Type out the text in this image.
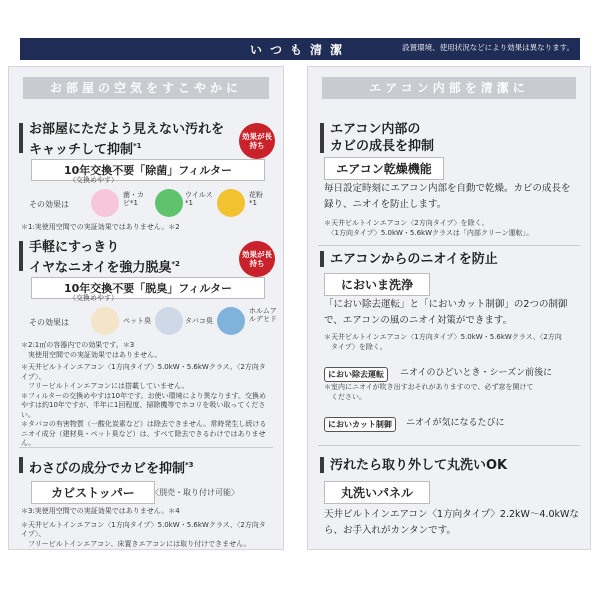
いつも清潔	設置環境、使用状況などにより効果は異なります。
お部屋の空気をすこやかに
お部屋にただよう見えない汚れを
キャッチして抑制$^{*1}$
効果が長持ち
10年交換不要「除菌」フィルター
（交換めやす）
その効果は
菌・カビ*1
ウイルス
*1
花粉
*1
＊1:実使用空間での実証効果ではありません。＊2
手軽にすっきり
イヤなニオイを強力脱臭$^{*2}$
効果が長持ち
10年交換不要「脱臭」フィルター
（交換めやす）
その効果は	ペット臭	タバコ臭
ホルムアルデヒド
＊2:1㎥の容器内での効果です。＊3
　実使用空間での実証効果ではありません。
＊天井ビルトインエアコン〈1方向タイプ〉5.0kW・5.6kWクラス、〈2方向タイプ〉、
　フリービルトインエアコンには搭載していません。
＊フィルターの交換めやすは10年です。お使い環境により異なります。交換めやすは約10年ですが、半年に1回程度、掃除機等でホコリを吸い取ってください。
＊タバコの有害物質（一酸化炭素など）は除去できません。常時発生し続けるニオイ成分（建材臭・ペット臭など）は、すべて除去できるわけではありません。
わさびの成分でカビを抑制$^{*3}$
カビストッパー	〈別売・取り付け可能〉
＊3:実使用空間での実証効果ではありません。＊4
＊天井ビルトインエアコン〈1方向タイプ〉5.0kW・5.6kWクラス、〈2方向タイプ〉、
　フリービルトインエアコン、床置きエアコンには取り付けできません。
エアコン内部を清潔に
エアコン内部の
カビの成長を抑制
エアコン乾燥機能
毎日設定時刻にエアコン内部を自動で乾燥。カビの成長を録り、ニオイを防止します。
＊天井ビルトインエアコン〈2方向タイプ〉を除く。
　〈1方向タイプ〉5.0kW・5.6kWクラスは「内部クリーン運転」。
エアコンからのニオイを防止
においま洗浄
「におい除去運転」と「においカット制御」の2つの制御で、エアコンの風のニオイ対策ができます。
＊天井ビルトインエアコン〈1方向タイプ〉5.0kW・5.6kWクラス、〈2方向
　タイプ〉を除く。
におい除去運転	ニオイのひどいとき・シーズン前後に
＊室内にニオイが吹き出すおそれがありますので、必ず窓を開けて
　ください。
においカット制御	ニオイが気になるたびに
汚れたら取り外して丸洗いOK
丸洗いパネル
天井ビルトインエアコン〈1方向タイプ〉2.2kW〜4.0kWなら、お手入れがカンタンです。
